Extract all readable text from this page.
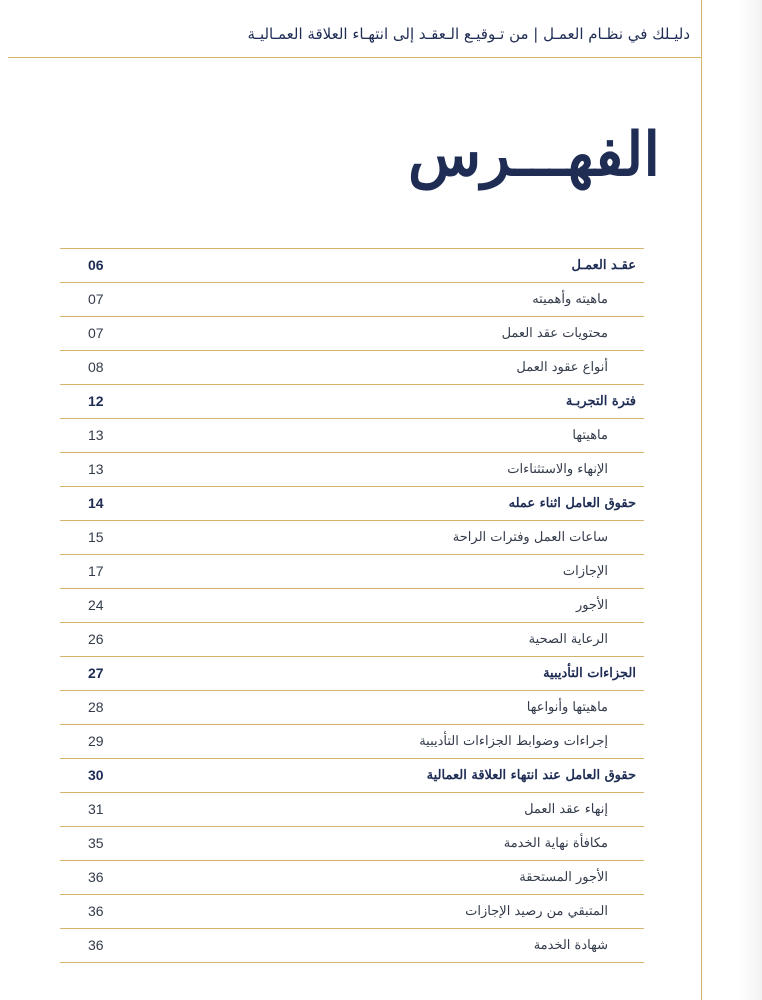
دليـلك في نظـام العمـل | من تـوقيـع الـعقـد إلى انتهـاء العلاقة العمـاليـة
الفهـــرس
06	عقـد العمـل
07	ماهيته وأهميته
07	محتويات عقد العمل
08	أنواع عقود العمل
12	فترة التجربـة
13	ماهيتها
13	الإنهاء والاستثناءات
14	حقوق العامل اثناء عمله
15	ساعات العمل وفترات الراحة
17	الإجازات
24	الأجور
26	الرعاية الصحية
27	الجزاءات التأديبية
28	ماهيتها وأنواعها
29	إجراءات وضوابط الجزاءات التأديبية
30	حقوق العامل عند انتهاء العلاقة العمالية
31	إنهاء عقد العمل
35	مكافأة نهاية الخدمة
36	الأجور المستحقة
36	المتبقي من رصيد الإجازات
36	شهادة الخدمة
